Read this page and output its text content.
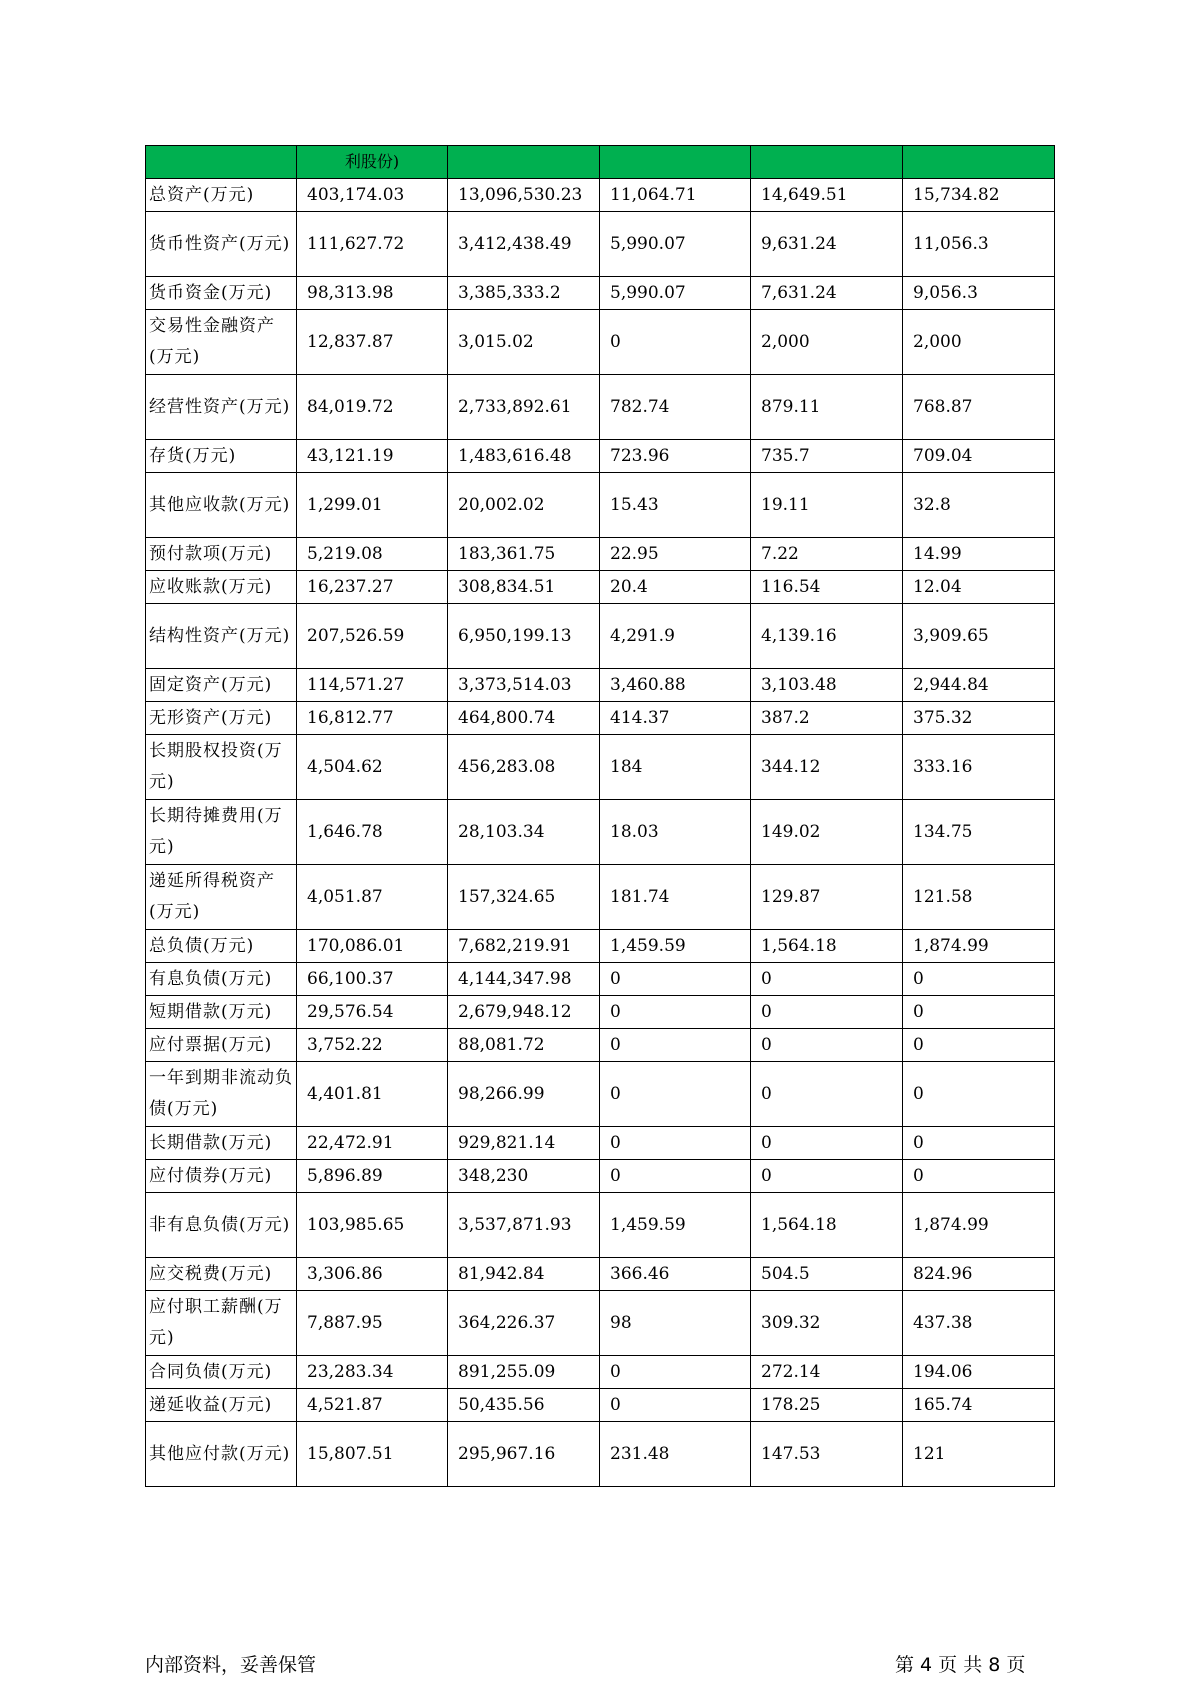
	利股份)				
总资产(万元)	403,174.03	13,096,530.23	11,064.71	14,649.51	15,734.82
货币性资产(万元)	111,627.72	3,412,438.49	5,990.07	9,631.24	11,056.3
货币资金(万元)	98,313.98	3,385,333.2	5,990.07	7,631.24	9,056.3
交易性金融资产(万元)	12,837.87	3,015.02	0	2,000	2,000
经营性资产(万元)	84,019.72	2,733,892.61	782.74	879.11	768.87
存货(万元)	43,121.19	1,483,616.48	723.96	735.7	709.04
其他应收款(万元)	1,299.01	20,002.02	15.43	19.11	32.8
预付款项(万元)	5,219.08	183,361.75	22.95	7.22	14.99
应收账款(万元)	16,237.27	308,834.51	20.4	116.54	12.04
结构性资产(万元)	207,526.59	6,950,199.13	4,291.9	4,139.16	3,909.65
固定资产(万元)	114,571.27	3,373,514.03	3,460.88	3,103.48	2,944.84
无形资产(万元)	16,812.77	464,800.74	414.37	387.2	375.32
长期股权投资(万元)	4,504.62	456,283.08	184	344.12	333.16
长期待摊费用(万元)	1,646.78	28,103.34	18.03	149.02	134.75
递延所得税资产(万元)	4,051.87	157,324.65	181.74	129.87	121.58
总负债(万元)	170,086.01	7,682,219.91	1,459.59	1,564.18	1,874.99
有息负债(万元)	66,100.37	4,144,347.98	0	0	0
短期借款(万元)	29,576.54	2,679,948.12	0	0	0
应付票据(万元)	3,752.22	88,081.72	0	0	0
一年到期非流动负债(万元)	4,401.81	98,266.99	0	0	0
长期借款(万元)	22,472.91	929,821.14	0	0	0
应付债券(万元)	5,896.89	348,230	0	0	0
非有息负债(万元)	103,985.65	3,537,871.93	1,459.59	1,564.18	1,874.99
应交税费(万元)	3,306.86	81,942.84	366.46	504.5	824.96
应付职工薪酬(万元)	7,887.95	364,226.37	98	309.32	437.38
合同负债(万元)	23,283.34	891,255.09	0	272.14	194.06
递延收益(万元)	4,521.87	50,435.56	0	178.25	165.74
其他应付款(万元)	15,807.51	295,967.16	231.48	147.53	121
内部资料，妥善保管	第 4 页 共 8 页
